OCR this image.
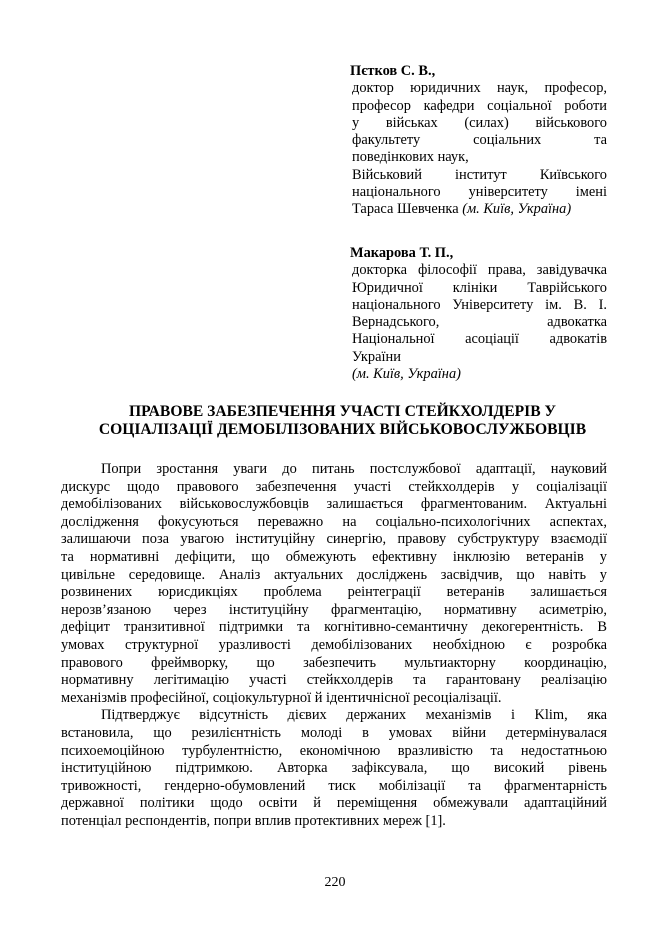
Пєтков С. В.,
доктор юридичних наук, професор,
професор кафедри соціальної роботи
у військах (силах) військового
факультету соціальних та
поведінкових наук,
Військовий інститут Київського
національного університету імені
Тараса Шевченка (м. Київ, Україна)
Макарова Т. П.,
докторка філософії права, завідувачка
Юридичної клініки Таврійського
національного Університету ім. В. І.
Вернадського, адвокатка
Національної асоціації адвокатів
України
(м. Київ, Україна)
ПРАВОВЕ ЗАБЕЗПЕЧЕННЯ УЧАСТІ СТЕЙКХОЛДЕРІВ У
СОЦІАЛІЗАЦІЇ ДЕМОБІЛІЗОВАНИХ ВІЙСЬКОВОСЛУЖБОВЦІВ
Попри зростання уваги до питань постслужбової адаптації, науковий
дискурс щодо правового забезпечення участі стейкхолдерів у соціалізації
демобілізованих військовослужбовців залишається фрагментованим. Актуальні
дослідження фокусуються переважно на соціально-психологічних аспектах,
залишаючи поза увагою інституційну синергію, правову субструктуру взаємодії
та нормативні дефіцити, що обмежують ефективну інклюзію ветеранів у
цивільне середовище. Аналіз актуальних досліджень засвідчив, що навіть у
розвинених юрисдикціях проблема реінтеграції ветеранів залишається
нерозв’язаною через інституційну фрагментацію, нормативну асиметрію,
дефіцит транзитивної підтримки та когнітивно-семантичну декогерентність. В
умовах структурної уразливості демобілізованих необхідною є розробка
правового фреймворку, що забезпечить мультиакторну координацію,
нормативну легітимацію участі стейкхолдерів та гарантовану реалізацію
механізмів професійної, соціокультурної й ідентичнісної ресоціалізації.
Підтверджує відсутність дієвих держаних механізмів і Klim, яка
встановила, що резилієнтність молоді в умовах війни детермінувалася
психоемоційною турбулентністю, економічною вразливістю та недостатньою
інституційною підтримкою. Авторка зафіксувала, що високий рівень
тривожності, гендерно-обумовлений тиск мобілізації та фрагментарність
державної політики щодо освіти й переміщення обмежували адаптаційний
потенціал респондентів, попри вплив протективних мереж [1].
220
